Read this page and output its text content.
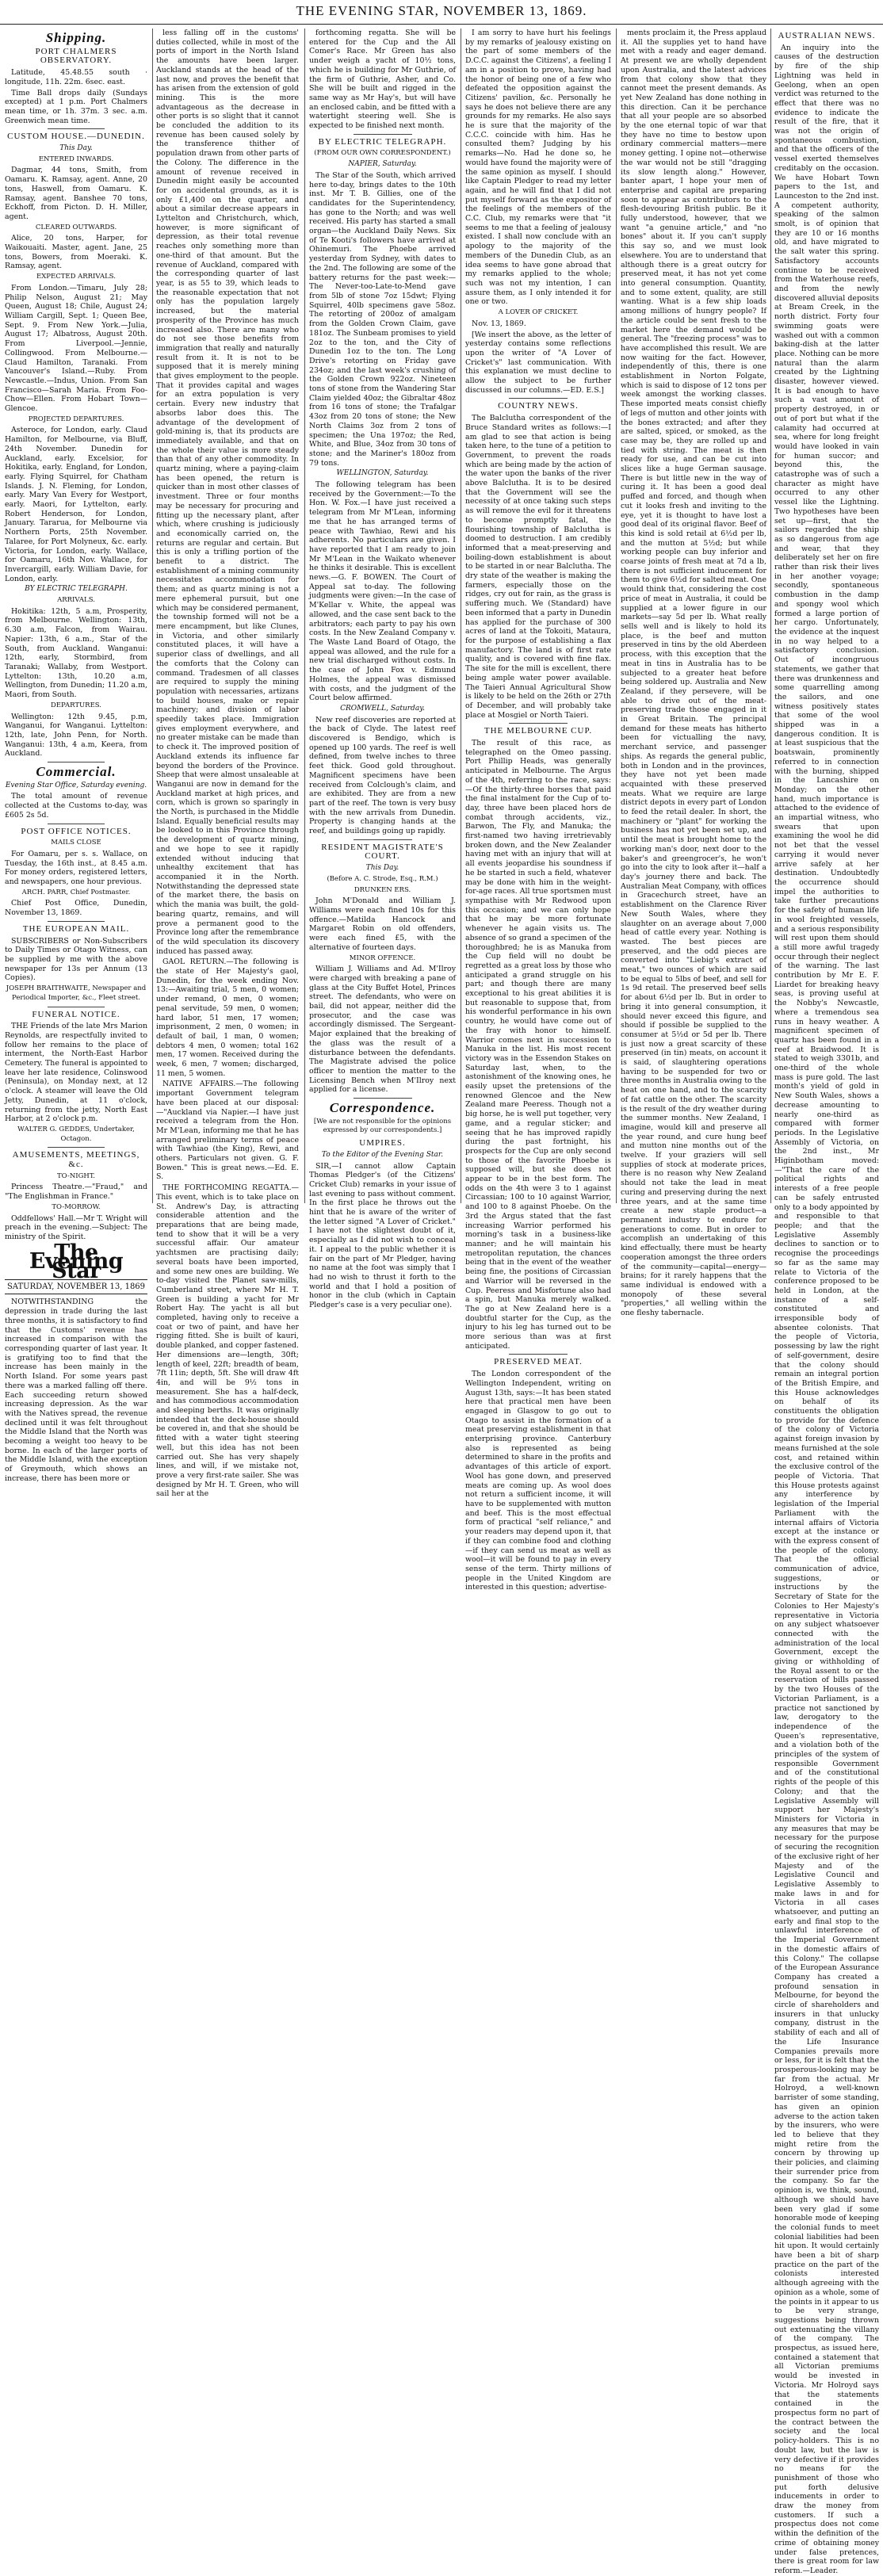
THE EVENING STAR, NOVEMBER 13, 1869.
Shipping.
PORT CHALMERS OBSERVATORY.

Latitude, 45.48.55 south · longitude, 11h. 22m. 6sec. east.

Time Ball drops daily (Sundays excepted) at 1 p.m. Port Chalmers mean time, or 1h. 37m. 3 sec. a.m. Greenwich mean time.

CUSTOM HOUSE.—DUNEDIN.
This Day.
ENTERED INWARDS.

Dagmar, 44 tons, Smith, from Oamaru. K. Ramsay, agent. Anne, 20 tons, Haswell, from Oamaru. K. Ramsay, agent. Banshee 70 tons, Eckhoff, from Picton. D. H. Miller, agent.

CLEARED OUTWARDS.

Alice, 20 tons, Harper, for Waikouaiti. Master, agent. Jane, 25 tons, Bowers, from Moeraki. K. Ramsay, agent.

EXPECTED ARRIVALS.

From London.—Timaru, July 28; Philip Nelson, August 21; May Queen, August 18; Chile, August 24; William Cargill, Sept. 1; Queen Bee, Sept. 9. From New York.—Julia, August 17; Albatross, August 20th. From Liverpool.—Jennie, Collingwood. From Melbourne.—Claud Hamilton, Taranaki. From Vancouver's Island.—Ruby. From Newcastle.—Indus, Union. From San Francisco—Sarah Maria. From Foo-Chow—Ellen. From Hobart Town—Glencoe.

PROJECTED DEPARTURES.

Asteroce, for London, early. Claud Hamilton, for Melbourne, via Bluff, 24th November. Dunedin for Auckland, early. Excelsior, for Hokitika, early. England, for London, early. Flying Squirrel, for Chatham Islands. J. N. Fleming, for London, early. Mary Van Every for Westport, early. Maori, for Lyttelton, early. Robert Henderson, for London, January. Tararua, for Melbourne via Northern Ports, 25th November. Talaree, for Port Molyneux, &c. early. Victoria, for London, early. Wallace, for Oamaru, 16th Nov. Wallace, for Invercargill, early. William Davie, for London, early.

BY ELECTRIC TELEGRAPH.
ARRIVALS.

Hokitika: 12th, 5 a.m, Prosperity, from Melbourne. Wellington: 13th, 6.30 a.m, Falcon, from Wairau. Napier: 13th, 6 a.m., Star of the South, from Auckland. Wanganui: 12th, early, Stormbird, from Taranaki; Wallaby, from Westport. Lyttelton: 13th, 10.20 a.m, Wellington, from Dunedin; 11.20 a.m, Maori, from South.

DEPARTURES.

Wellington: 12th 9.45, p.m, Wanganui, for Wanganui. Lyttelton: 12th, late, John Penn, for North. Wanganui: 13th, 4 a.m, Keera, from Auckland.

Commercial.
Evening Star Office, Saturday evening.

The total amount of revenue collected at the Customs to-day, was £605 2s 5d.

POST OFFICE NOTICES.
MAILS CLOSE

For Oamaru, per s. s. Wallace, on Tuesday, the 16th inst., at 8.45 a.m. For money orders, registered letters, and newspapers, one hour previous.

ARCH. PARR, Chief Postmaster.

Chief Post Office, Dunedin, November 13, 1869.

THE EUROPEAN MAIL.

SUBSCRIBERS or Non-Subscribers to Daily Times or Otago Witness, can be supplied by me with the above newspaper for 13s per Annum (13 Copies).

JOSEPH BRAITHWAITE, Newspaper and Periodical Importer, &c., Fleet street.
FUNERAL NOTICE.

THE Friends of the late Mrs Marion Reynolds, are respectfully invited to follow her remains to the place of interment, the North-East Harbor Cemetery. The funeral is appointed to leave her late residence, Colinswood (Peninsula), on Monday next, at 12 o'clock. A steamer will leave the Old Jetty, Dunedin, at 11 o'clock, returning from the jetty, North East Harbor, at 2 o'clock p.m.

WALTER G. GEDDES, Undertaker, Octagon.
AMUSEMENTS, MEETINGS, &c.
TO-NIGHT.

Princess Theatre.—"Fraud," and "The Englishman in France."

TO-MORROW.

Oddfellows' Hall.—Mr T. Wright will preach in the evening.—Subject: The ministry of the Spirit.

The Evening Star
SATURDAY, NOVEMBER 13, 1869

NOTWITHSTANDING the depression in trade during the last three months, it is satisfactory to find that the Customs' revenue has increased in comparison with the corresponding quarter of last year. It is gratifying too to find that the increase has been mainly in the North Island. For some years past there was a marked falling off there. Each succeeding return showed increasing depression. As the war with the Natives spread, the revenue declined until it was felt throughout the Middle Island that the North was becoming a weight too heavy to be borne. In each of the larger ports of the Middle Island, with the exception of Greymouth, which shows an increase, there has been more or

less falling off in the customs' duties collected, while in most of the ports of import in the North Island the amounts have been larger. Auckland stands at the head of the last now, and proves the benefit that has arisen from the extension of gold mining. This is the more advantageous as the decrease in other ports is so slight that it cannot be concluded the addition to its revenue has been caused solely by the transference thither of population drawn from other parts of the Colony. The difference in the amount of revenue received in Dunedin might easily be accounted for on accidental grounds, as it is only £1,400 on the quarter, and about a similar decrease appears in Lyttelton and Christchurch, which, however, is more significant of depression, as their total revenue reaches only something more than one-third of that amount. But the revenue of Auckland, compared with the corresponding quarter of last year, is as 55 to 39, which leads to the reasonable expectation that not only has the population largely increased, but the material prosperity of the Province has much increased also. There are many who do not see those benefits from immigration that really and naturally result from it. It is not to be supposed that it is merely mining that gives employment to the people. That it provides capital and wages for an extra population is very certain. Every new industry that absorbs labor does this. The advantage of the development of gold-mining is, that its products are immediately available, and that on the whole their value is more steady than that of any other commodity. In quartz mining, where a paying-claim has been opened, the return is quicker than in most other classes of investment. Three or four months may be necessary for procuring and fitting up the necessary plant, after which, where crushing is judiciously and economically carried on, the returns are regular and certain. But this is only a trifling portion of the benefit to a district. The establishment of a mining community necessitates accommodation for them; and as quartz mining is not a mere ephemeral pursuit, but one which may be considered permanent, the township formed will not be a mere encampment, but like Clunes, in Victoria, and other similarly constituted places, it will have a superior class of dwellings, and all the comforts that the Colony can command. Tradesmen of all classes are required to supply the mining population with necessaries, artizans to build houses, make or repair machinery; and division of labor speedily takes place. Immigration gives employment everywhere, and no greater mistake can be made than to check it. The improved position of Auckland extends its influence far beyond the borders of the Province. Sheep that were almost unsaleable at Wanganui are now in demand for the Auckland market at high prices, and corn, which is grown so sparingly in the North, is purchased in the Middle Island. Equally beneficial results may be looked to in this Province through the development of quartz mining, and we hope to see it rapidly extended without inducing that unhealthy excitement that has accompanied it in the North. Notwithstanding the depressed state of the market there, the basis on which the mania was built, the gold-bearing quartz, remains, and will prove a permanent good to the Province long after the remembrance of the wild speculation its discovery induced has passed away.

GAOL RETURN.—The following is the state of Her Majesty's gaol, Dunedin, for the week ending Nov. 13:—Awaiting trial, 5 men, 0 women; under remand, 0 men, 0 women; penal servitude, 59 men, 0 women; hard labor, 51 men, 17 women; imprisonment, 2 men, 0 women; in default of bail, 1 man, 0 women; debtors 4 men, 0 women; total 162 men, 17 women. Received during the week, 6 men, 7 women; discharged, 11 men, 5 women.

NATIVE AFFAIRS.—The following important Government telegram have been placed at our disposal:—"Auckland via Napier.—I have just received a telegram from the Hon. Mr M'Lean, informing me that he has arranged preliminary terms of peace with Tawhiao (the King), Rewi, and others. Particulars not given. G. F. Bowen." This is great news.—Ed. E. S.

THE FORTHCOMING REGATTA.—This event, which is to take place on St. Andrew's Day, is attracting considerable attention and the preparations that are being made, tend to show that it will be a very successful affair. Our amateur yachtsmen are practising daily; several boats have been imported, and some new ones are building. We to-day visited the Planet saw-mills, Cumberland street, where Mr H. T. Green is building a yacht for Mr Robert Hay. The yacht is all but completed, having only to receive a coat or two of paint, and have her rigging fitted. She is built of kauri, double planked, and copper fastened. Her dimensions are—length, 30ft; length of keel, 22ft; breadth of beam, 7ft 11in; depth, 5ft. She will draw 4ft 4in, and will be 9½ tons in measurement. She has a half-deck, and has commodious accommodation and sleeping berths. It was originally intended that the deck-house should be covered in, and that she should be fitted with a water tight steering well, but this idea has not been carried out. She has very shapely lines, and will, if we mistake not, prove a very first-rate sailer. She was designed by Mr H. T. Green, who will sail her at the

forthcoming regatta. She will be entered for the Cup and the All Comer's Race. Mr Green has also under weigh a yacht of 10½ tons, which he is building for Mr Guthrie, of the firm of Guthrie, Asher, and Co. She will be built and rigged in the same way as Mr Hay's, but will have an enclosed cabin, and be fitted with a watertight steering well. She is expected to be finished next month.

BY ELECTRIC TELEGRAPH.
(FROM OUR OWN CORRESPONDENT.)
NAPIER, Saturday.

The Star of the South, which arrived here to-day, brings dates to the 10th inst. Mr T. B. Gillies, one of the candidates for the Superintendency, has gone to the North; and was well received. His party has started a small organ—the Auckland Daily News. Six of Te Kooti's followers have arrived at Ohinemuri. The Phoebe arrived yesterday from Sydney, with dates to the 2nd. The following are some of the battery returns for the past week:—The Never-too-Late-to-Mend gave from 5lb of stone 7oz 15dwt; Flying Squirrel, 40lb specimens gave 58oz. The retorting of 200oz of amalgam from the Golden Crown Claim, gave 181oz. The Sunbeam promises to yield 2oz to the ton, and the City of Dunedin 1oz to the ton. The Long Drive's retorting on Friday gave 234oz; and the last week's crushing of the Golden Crown 922oz. Nineteen tons of stone from the Wandering Star Claim yielded 40oz; the Gibraltar 48oz from 16 tons of stone; the Trafalgar 43oz from 20 tons of stone; the New North Claims 3oz from 2 tons of specimen; the Una 197oz; the Red, White, and Blue, 34oz from 30 tons of stone; and the Mariner's 180oz from 79 tons.

WELLINGTON, Saturday.

The following telegram has been received by the Government:—To the Hon. W. Fox.—I have just received a telegram from Mr M'Lean, informing me that he has arranged terms of peace with Tawhiao, Rewi and his adherents. No particulars are given. I have reported that I am ready to join Mr M'Lean in the Waikato whenever he thinks it desirable. This is excellent news.—G. F. BOWEN. The Court of Appeal sat to-day. The following judgments were given:—In the case of M'Kellar v. White, the appeal was allowed, and the case sent back to the arbitrators; each party to pay his own costs. In the New Zealand Company v. The Waste Land Board of Otago, the appeal was allowed, and the rule for a new trial discharged without costs. In the case of John Fox v. Edmund Holmes, the appeal was dismissed with costs, and the judgment of the Court below affirmed.

CROMWELL, Saturday.

New reef discoveries are reported at the back of Clyde. The latest reef discovered is Bendigo, which is opened up 100 yards. The reef is well defined, from twelve inches to three feet thick. Good gold throughout. Magnificent specimens have been received from Colclough's claim, and are exhibited. They are from a new part of the reef. The town is very busy with the new arrivals from Dunedin. Property is changing hands at the reef, and buildings going up rapidly.

RESIDENT MAGISTRATE'S COURT.
This Day.
(Before A. C. Strode, Esq., R.M.)
DRUNKEN ERS.

John M'Donald and William J. Williams were each fined 10s for this offence.—Matilda Hancock and Margaret Robin on old offenders, were each fined £5, with the alternative of fourteen days.

MINOR OFFENCE.

William J. Williams and Ad. M'Ilroy were charged with breaking a pane of glass at the City Buffet Hotel, Princes street. The defendants, who were on bail, did not appear, neither did the prosecutor, and the case was accordingly dismissed. The Sergeant-Major explained that the breaking of the glass was the result of a disturbance between the defendants. The Magistrate advised the police officer to mention the matter to the Licensing Bench when M'Ilroy next applied for a license.

Correspondence.
[We are not responsible for the opinions expressed by our correspondents.]
UMPIRES.
To the Editor of the Evening Star.

SIR,—I cannot allow Captain Thomas Pledger's (of the Citizens' Cricket Club) remarks in your issue of last evening to pass without comment. In the first place he throws out the hint that he is aware of the writer of the letter signed "A Lover of Cricket." I have not the slightest doubt of it, especially as I did not wish to conceal it. I appeal to the public whether it is fair on the part of Mr Pledger, having no name at the foot was simply that I had no wish to thrust it forth to the world and that I hold a position of honor in the club (which in Captain Pledger's case is a very peculiar one).

I am sorry to have hurt his feelings by my remarks of jealousy existing on the part of some members of the D.C.C. against the Citizens', a feeling I am in a position to prove, having had the honor of being one of a few who defeated the opposition against the Citizens' pavilion, &c. Personally he says he does not believe there are any grounds for my remarks. He also says he is sure that the majority of the C.C.C. coincide with him. Has he consulted them? Judging by his remarks—No. Had he done so, he would have found the majority were of the same opinion as myself. I should like Captain Pledger to read my letter again, and he will find that I did not put myself forward as the expositor of the feelings of the members of the C.C. Club, my remarks were that "it seems to me that a feeling of jealousy existed. I shall now conclude with an apology to the majority of the members of the Dunedin Club, as an idea seems to have gone abroad that my remarks applied to the whole; such was not my intention, I can assure them, as I only intended it for one or two.

A LOVER OF CRICKET.

Nov. 13, 1869.

[We insert the above, as the letter of yesterday contains some reflections upon the writer of "A Lover of Cricket's" last communication. With this explanation we must decline to allow the subject to be further discussed in our columns.—ED. E.S.]

COUNTRY NEWS.

The Balclutha correspondent of the Bruce Standard writes as follows:—I am glad to see that action is being taken here, to the tune of a petition to Government, to prevent the roads which are being made by the action of the water upon the banks of the river above Balclutha. It is to be desired that the Government will see the necessity of at once taking such steps as will remove the evil for it threatens to become promptly fatal, the flourishing township of Balclutha is doomed to destruction. I am credibly informed that a meat-preserving and boiling-down establishment is about to be started in or near Balclutha. The dry state of the weather is making the farmers, especially those on the ridges, cry out for rain, as the grass is suffering much. We (Standard) have been informed that a party in Dunedin has applied for the purchase of 300 acres of land at the Tokoiti, Mataura, for the purpose of establishing a flax manufactory. The land is of first rate quality, and is covered with fine flax. The site for the mill is excellent, there being ample water power available. The Taieri Annual Agricultural Show is likely to be held on the 26th or 27th of December, and will probably take place at Mosgiel or North Taieri.

THE MELBOURNE CUP.

The result of this race, as telegraphed on the Omeo passing. Port Phillip Heads, was generally anticipated in Melbourne. The Argus of the 4th, referring to the race, says:—Of the thirty-three horses that paid the final instalment for the Cup of to-day, three have been placed hors de combat through accidents, viz., Barwon, The Fly, and Manuka; the first-named two having irretrievably broken down, and the New Zealander having met with an injury that will at all events jeopardise his soundness if he be started in such a field, whatever may be done with him in the weight-for-age races. All true sportsmen must sympathise with Mr Redwood upon this occasion; and we can only hope that he may be more fortunate whenever he again visits us. The absence of so grand a specimen of the thoroughbred; he is as Manuka from the Cup field will no doubt be regretted as a great loss by those who anticipated a grand struggle on his part; and though there are many exceptional to his great abilities it is but reasonable to suppose that, from his wonderful performance in his own country, he would have come out of the fray with honor to himself. Warrior comes next in succession to Manuka in the list. His most recent victory was in the Essendon Stakes on Saturday last, when, to the astonishment of the knowing ones, he easily upset the pretensions of the renowned Glencoe and the New Zealand mare Peeress. Though not a big horse, he is well put together, very game, and a regular sticker; and seeing that he has improved rapidly during the past fortnight, his prospects for the Cup are only second to those of the favorite Phoebe is supposed will, but she does not appear to be in the best form. The odds on the 4th were 3 to 1 against Circassian; 100 to 10 against Warrior, and 100 to 8 against Phoebe. On the 3rd the Argus stated that the fast increasing Warrior performed his morning's task in a business-like manner; and he will maintain his metropolitan reputation, the chances being that in the event of the weather being fine, the positions of Circassian and Warrior will be reversed in the Cup. Peeress and Misfortune also had a spin, but Manuka merely walked. The go at New Zealand here is a doubtful starter for the Cup, as the injury to his leg has turned out to be more serious than was at first anticipated.

PRESERVED MEAT.

The London correspondent of the Wellington Independent, writing on August 13th, says:—It has been stated here that practical men have been engaged in Glasgow to go out to Otago to assist in the formation of a meat preserving establishment in that enterprising province. Canterbury also is represented as being determined to share in the profits and advantages of this article of export. Wool has gone down, and preserved meats are coming up. As wool does not return a sufficient income, it will have to be supplemented with mutton and beef. This is the most effectual form of practical "self reliance," and your readers may depend upon it, that if they can combine food and clothing—if they can send us meat as well as wool—it will be found to pay in every sense of the term. Thirty millions of people in the United Kingdom are interested in this question; advertise-

ments proclaim it, the Press applaud it. All the supplies yet to hand have met with a ready and eager demand. At present we are wholly dependent upon Australia, and the latest advices from that colony show that they cannot meet the present demands. As yet New Zealand has done nothing in this direction. Can it be perchance that all your people are so absorbed by the one eternal topic of war that they have no time to bestow upon ordinary commercial matters—mere money getting. I opine not—otherwise the war would not be still "dragging its slow length along." However, banter apart, I hope your men of enterprise and capital are preparing soon to appear as contributors to the flesh-devouring British public. Be it fully understood, however, that we want "a genuine article," and "no bones" about it. If you can't supply this say so, and we must look elsewhere. You are to understand that although there is a great outcry for preserved meat, it has not yet come into general consumption. Quantity, and to some extent, quality, are still wanting. What is a few ship loads among millions of hungry people? If the article could be sent fresh to the market here the demand would be general. The "freezing process" was to have accomplished this result. We are now waiting for the fact. However, independently of this, there is one establishment in Norton Folgate, which is said to dispose of 12 tons per week amongst the working classes. These imported meats consist chiefly of legs of mutton and other joints with the bones extracted; and after they are salted, spiced, or smoked, as the case may be, they are rolled up and tied with string. The meat is then ready for use, and can be cut into slices like a huge German sausage. There is but little new in the way of curing it. It has been a good deal puffed and forced, and though when cut it looks fresh and inviting to the eye, yet it is thought to have lost a good deal of its original flavor. Beef of this kind is sold retail at 6½d per lb, and the mutton at 5½d; but while working people can buy inferior and coarse joints of fresh meat at 7d a lb, there is not sufficient inducement for them to give 6½d for salted meat. One would think that, considering the cost price of meat in Australia, it could be supplied at a lower figure in our markets—say 5d per lb. What really sells well and is likely to hold its place, is the beef and mutton preserved in tins by the old Aberdeen process, with this exception that the meat in tins in Australia has to be subjected to a greater heat before being soldered up. Australia and New Zealand, if they persevere, will be able to drive out of the meat-preserving trade those engaged in it in Great Britain. The principal demand for these meats has hitherto been for victualling the navy, merchant service, and passenger ships. As regards the general public, both in London and in the provinces, they have not yet been made acquainted with these preserved meats. What we require are large district depots in every part of London to feed the retail dealer. In short, the machinery or "plant" for working the business has not yet been set up, and until the meat is brought home to the working man's door, next door to the baker's and greengrocer's, he won't go into the city to look after it—half a day's journey there and back. The Australian Meat Company, with offices in Gracechurch street, have an establishment on the Clarence River New South Wales, where they slaughter on an average about 7,000 head of cattle every year. Nothing is wasted. The best pieces are preserved, and the odd pieces are converted into "Liebig's extract of meat," two ounces of which are said to be equal to 5lbs of beef, and sell for 1s 9d retail. The preserved beef sells for about 6½d per lb. But in order to bring it into general consumption, it should never exceed this figure, and should if possible be supplied to the consumer at 5½d or 5d per lb. There is just now a great scarcity of these preserved (in tin) meats, on account it is said, of slaughtering operations having to be suspended for two or three months in Australia owing to the heat on one hand, and to the scarcity of fat cattle on the other. The scarcity is the result of the dry weather during the summer months. New Zealand, I imagine, would kill and preserve all the year round, and cure hung beef and mutton nine months out of the twelve. If your graziers will sell supplies of stock at moderate prices, there is no reason why New Zealand should not take the lead in meat curing and preserving during the next three years, and at the same time create a new staple product—a permanent industry to endure for generations to come. But in order to accomplish an undertaking of this kind effectually, there must be hearty cooperation amongst the three orders of the community—capital—energy—brains; for it rarely happens that the same individual is endowed with a monopoly of these several "properties," all welling within the one fleshy tabernacle.

AUSTRALIAN NEWS.

An inquiry into the causes of the destruction by fire of the ship Lightning was held in Geelong, when an open verdict was returned to the effect that there was no evidence to indicate the result of the fire, that it was not the origin of spontaneous combustion, and that the officers of the vessel exerted themselves creditably on the occasion. We have Hobart Town papers to the 1st, and Launceston to the 2nd inst. A competent authority, speaking of the salmon smolt, is of opinion that they are 10 or 16 months old, and have migrated to the salt water this spring. Satisfactory accounts continue to be received from the Waterhouse reefs, and from the newly discovered alluvial deposits at Bream Creek, in the north district. Forty four swimming goats were washed out with a common baking-dish at the latter place. Nothing can be more natural than the alarm created by the Lightning disaster, however viewed. It is bad enough to have such a vast amount of property destroyed, in or out of port but what if the calamity had occurred at sea, where for long freight would have looked in vain for human succor; and beyond this, the catastrophe was of such a character as might have occurred to any other vessel like the Lightning. Two hypotheses have been set up—first, that the sailors regarded the ship as so dangerous from age and wear, that they deliberately set her on fire rather than risk their lives in her another voyage; secondly, spontaneous combustion in the damp and spongy wool which formed a large portion of her cargo. Unfortunately, the evidence at the inquest in no way helped to a satisfactory conclusion. Out of incongruous statements, we gather that there was drunkenness and some quarrelling among the sailors, and one witness positively states that some of the wool shipped was in a dangerous condition. It is at least suspicious that the boatswain, prominently referred to in connection with the burning, shipped in the Lancashire on Monday; on the other hand, much importance is attached to the evidence of an impartial witness, who swears that upon examining the wool he did not bet that the vessel carrying it would never arrive safely at her destination. Undoubtedly the occurrence should impel the authorities to take further precautions for the safety of human life in wool freighted vessels, and a serious responsibility will rest upon them should a still more awful tragedy occur through their neglect of the warning. The last contribution by Mr E. F. Liardet for breaking heavy seas, is proving useful at the Nobby's Newcastle, where a tremendous sea runs in heavy weather. A magnificent specimen of quartz has been found in a reef at Braidwood. It is stated to weigh 3301b, and one-third of the whole mass is pure gold. The last month's yield of gold in New South Wales, shows a decrease amounting to nearly one-third as compared with former periods. In the Legislative Assembly of Victoria, on the 2nd inst., Mr Higinbotham moved:—"That the care of the political rights and interests of a free people can be safely entrusted only to a body appointed by and responsible to that people; and that the Legislative Assembly declines to sanction or to recognise the proceedings so far as the same may relate to Victoria of the conference proposed to be held in London, at the instance of a self-constituted and irresponsible body of absentee colonists. That the people of Victoria, possessing by law the right of self-government, desire that the colony should remain an integral portion of the British Empire, and this House acknowledges on behalf of its constituents the obligation to provide for the defence of the colony of Victoria against foreign invasion by means furnished at the sole cost, and retained within the exclusive control of the people of Victoria. That this House protests against any interference by legislation of the Imperial Parliament with the internal affairs of Victoria except at the instance or with the express consent of the people of the colony. That the official communication of advice, suggestions, or instructions by the Secretary of State for the Colonies to Her Majesty's representative in Victoria on any subject whatsoever connected with the administration of the local Government, except the giving or withholding of the Royal assent to or the reservation of bills passed by the two Houses of the Victorian Parliament, is a practice not sanctioned by law, derogatory to the independence of the Queen's representative, and a violation both of the principles of the system of responsible Government and of the constitutional rights of the people of this Colony; and that the Legislative Assembly will support her Majesty's Ministers for Victoria in any measures that may be necessary for the purpose of securing the recognition of the exclusive right of her Majesty and of the Legislative Council and Legislative Assembly to make laws in and for Victoria in all cases whatsoever, and putting an early and final stop to the unlawful interference of the Imperial Government in the domestic affairs of this Colony." The collapse of the European Assurance Company has created a profound sensation in Melbourne, for beyond the circle of shareholders and insurers in that unlucky company, distrust in the stability of each and all of the Life Insurance Companies prevails more or less, for it is felt that the prosperous-looking may be far from the actual. Mr Holroyd, a well-known barrister of some standing, has given an opinion adverse to the action taken by the insurers, who were led to believe that they might retire from the concern by throwing up their policies, and claiming their surrender price from the company. So far the opinion is, we think, sound, although we should have been very glad if some honorable mode of keeping the colonial funds to meet colonial liabilities had been hit upon. It would certainly have been a bit of sharp practice on the part of the colonists interested although agreeing with the opinion as a whole, some of the points in it appear to us to be very strange, suggestions being thrown out extenuating the villany of the company. The prospectus, as issued here, contained a statement that all Victorian premiums would be invested in Victoria. Mr Holroyd says that the statements contained in the prospectus form no part of the contract between the society and the local policy-holders. This is no doubt law, but the law is very defective if it provides no means for the punishment of those who put forth delusive inducements in order to draw the money from customers. If such a prospectus does not come within the definition of the crime of obtaining money under false pretences, there is great room for law reform.—Leader.
